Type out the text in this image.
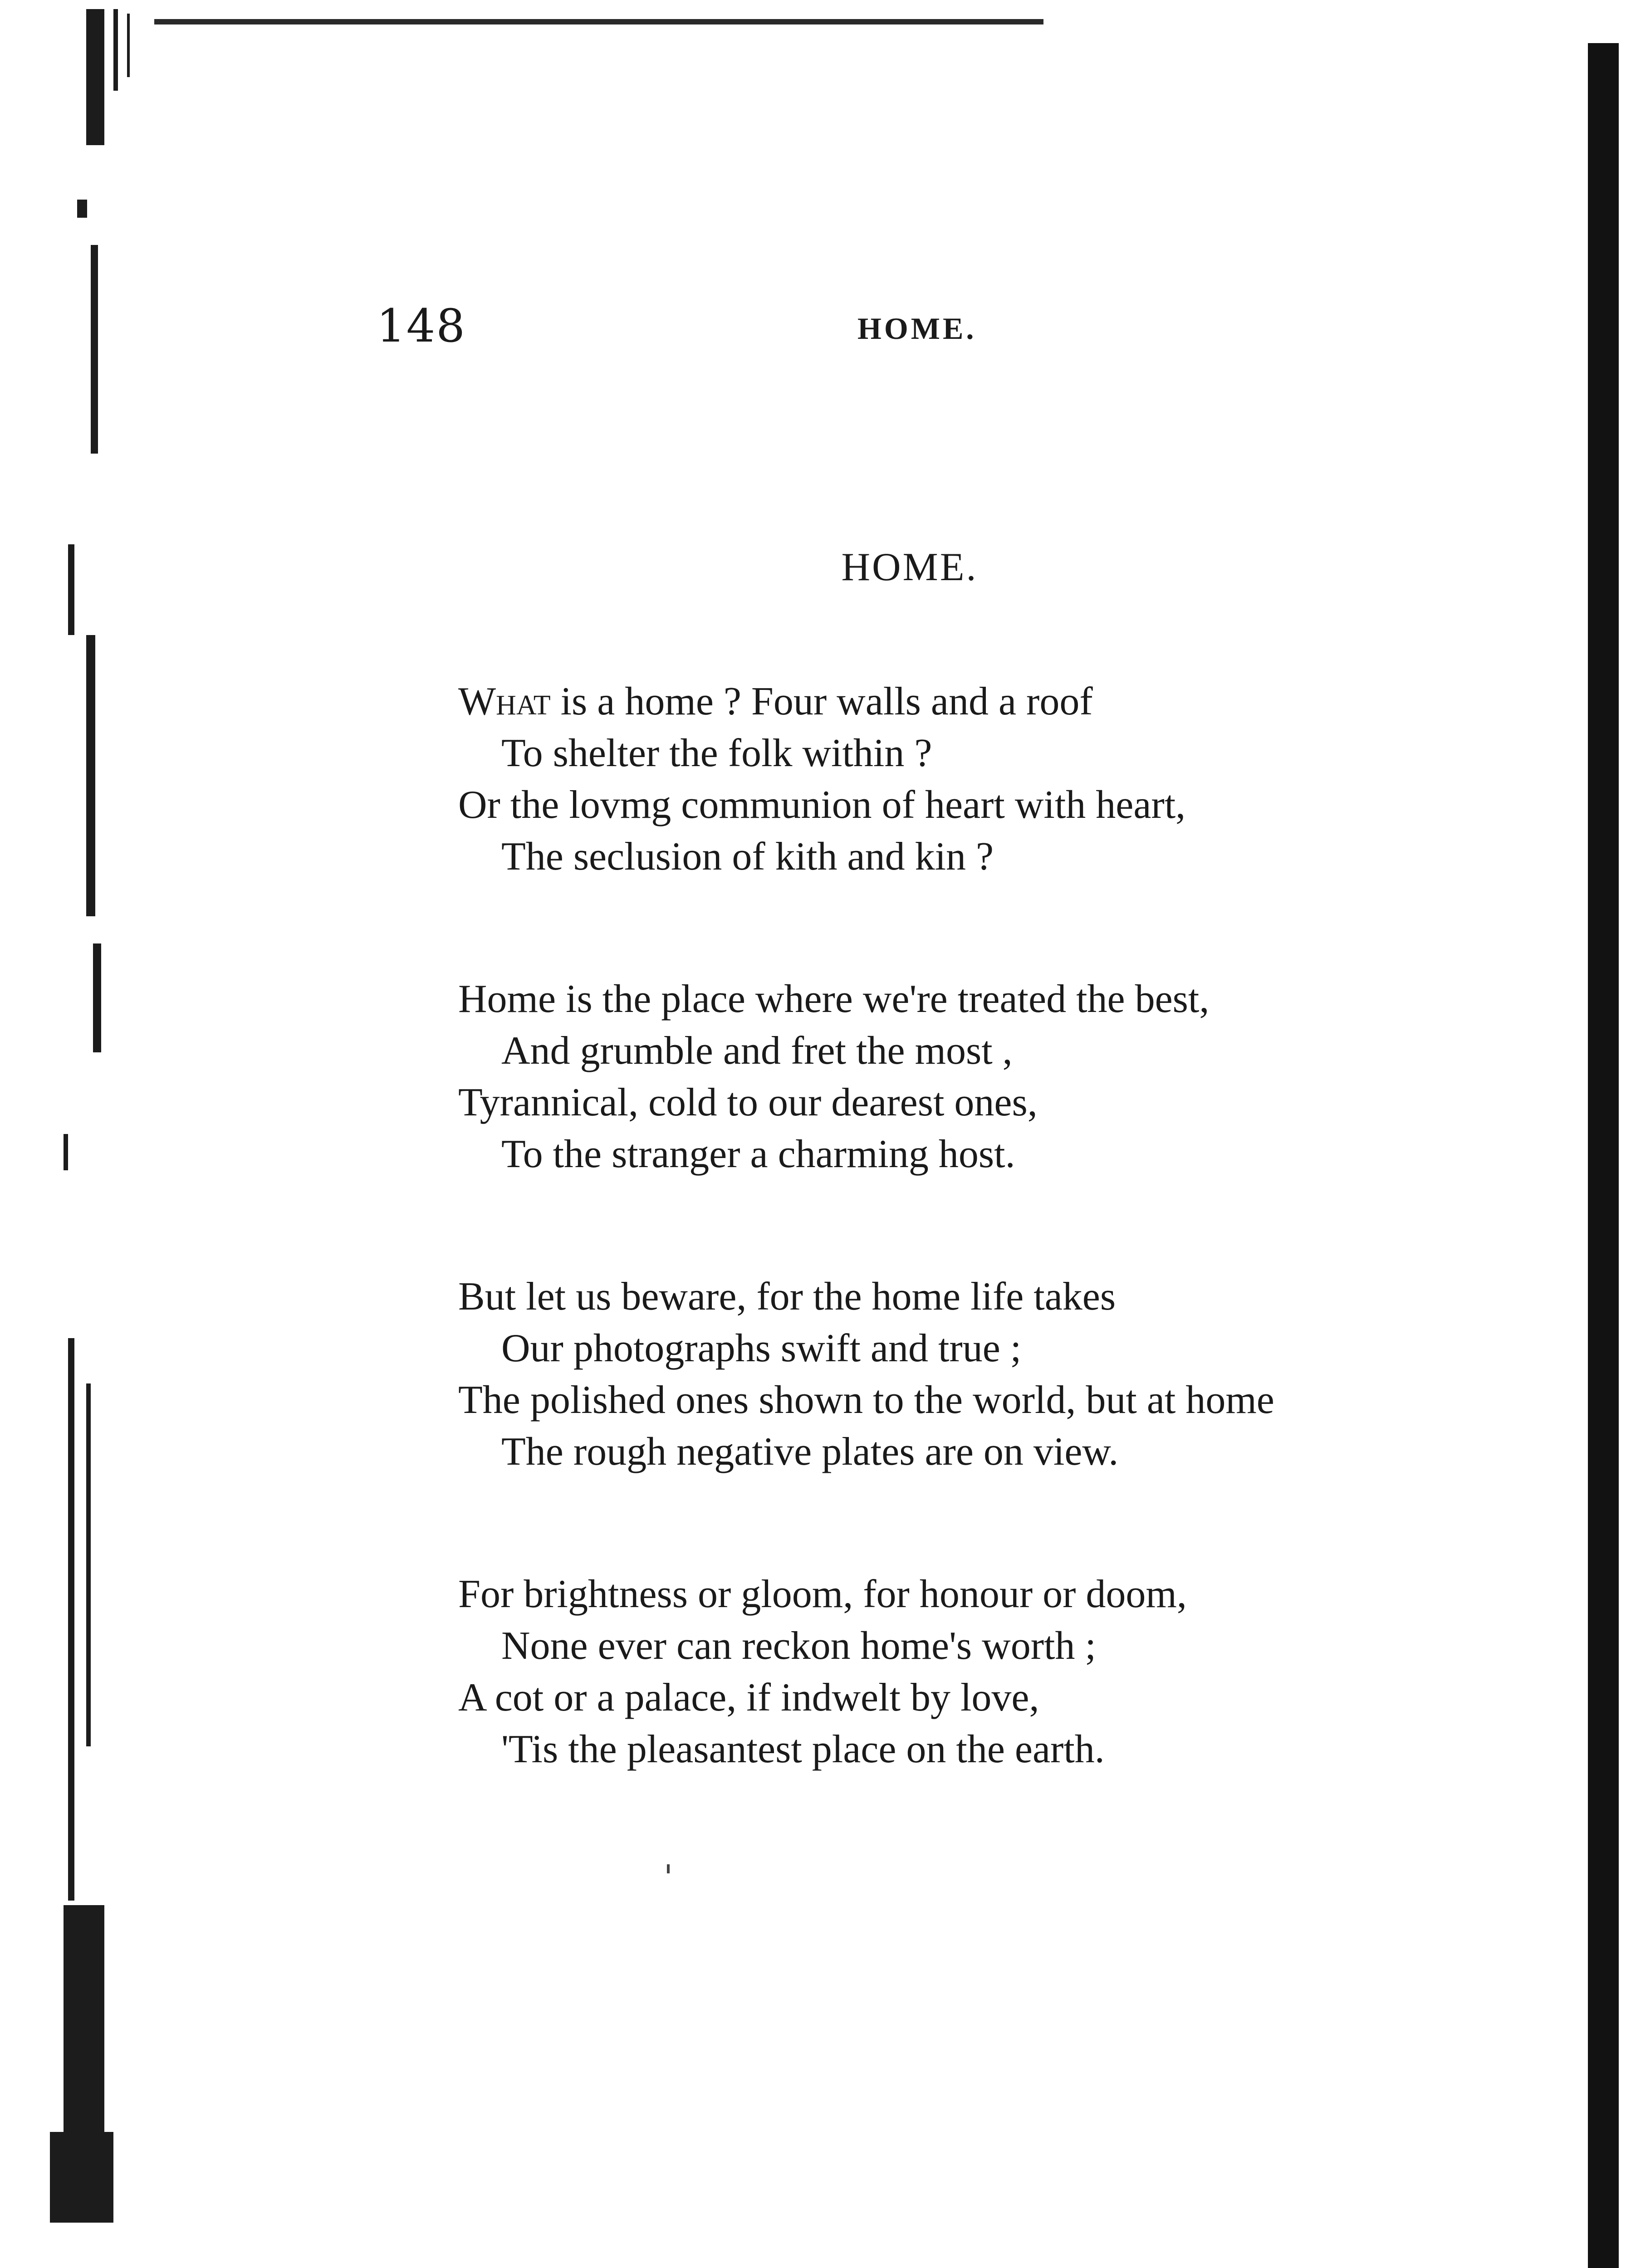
148	HOME.
HOME.
What is a home ? Four walls and a roof
To shelter the folk within ?
Or the lovmg communion of heart with heart,
The seclusion of kith and kin ?
Home is the place where we're treated the best,
And grumble and fret the most ,
Tyrannical, cold to our dearest ones,
To the stranger a charming host.
But let us beware, for the home life takes
Our photographs swift and true ;
The polished ones shown to the world, but at home
The rough negative plates are on view.
For brightness or gloom, for honour or doom,
None ever can reckon home's worth ;
A cot or a palace, if indwelt by love,
'Tis the pleasantest place on the earth.
